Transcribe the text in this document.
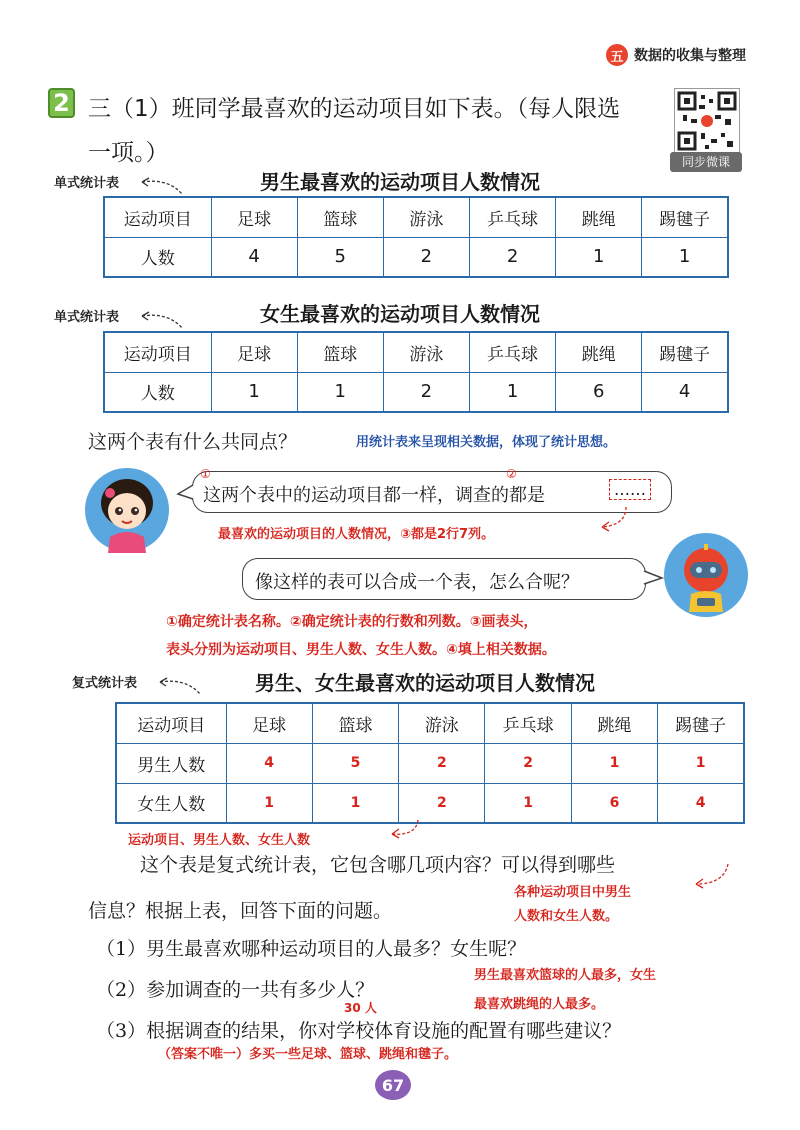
五 数据的收集与整理
2 三（1）班同学最喜欢的运动项目如下表。（每人限选
一项。）	同步微课
单式统计表	男生最喜欢的运动项目人数情况
运动项目	足球	篮球	游泳	乒乓球	跳绳	踢毽子
人数	4	5	2	2	1	1
单式统计表	女生最喜欢的运动项目人数情况
运动项目	足球	篮球	游泳	乒乓球	跳绳	踢毽子
人数	1	1	2	1	6	4
这两个表有什么共同点？	用统计表来呈现相关数据，体现了统计思想。
这两个表中的运动项目都一样，调查的都是	……
①	②
最喜欢的运动项目的人数情况，③都是2行7列。
像这样的表可以合成一个表，怎么合呢？
①确定统计表名称。②确定统计表的行数和列数。③画表头，
表头分别为运动项目、男生人数、女生人数。④填上相关数据。
复式统计表	男生、女生最喜欢的运动项目人数情况
运动项目	足球	篮球	游泳	乒乓球	跳绳	踢毽子
男生人数	4	5	2	2	1	1
女生人数	1	1	2	1	6	4
运动项目、男生人数、女生人数
这个表是复式统计表，它包含哪几项内容？可以得到哪些
信息？根据上表，回答下面的问题。
各种运动项目中男生
人数和女生人数。
（1）男生最喜欢哪种运动项目的人最多？女生呢？
男生最喜欢篮球的人最多，女生
最喜欢跳绳的人最多。
（2）参加调查的一共有多少人？
30 人
（3）根据调查的结果，你对学校体育设施的配置有哪些建议？
（答案不唯一）多买一些足球、篮球、跳绳和毽子。
67
